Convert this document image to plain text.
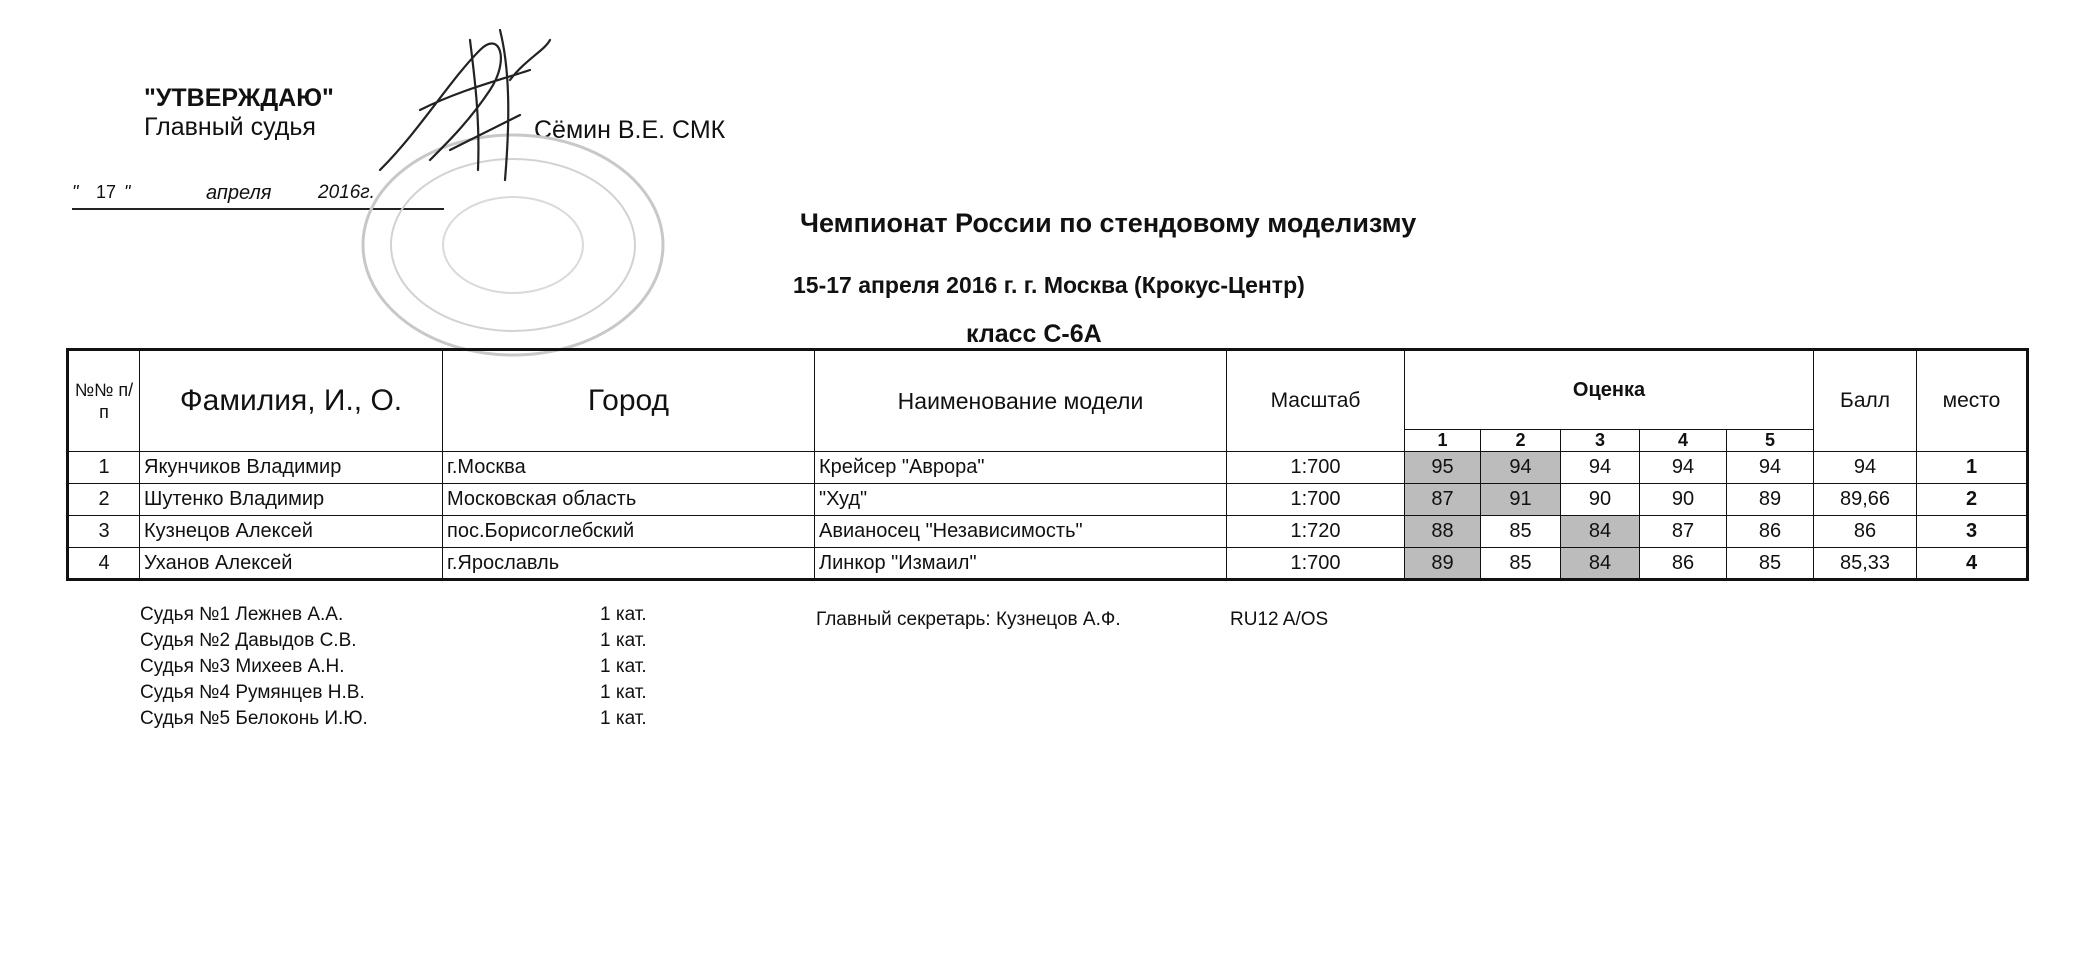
"УТВЕРЖДАЮ"
Главный судья	Сёмин В.Е. СМК
" 17 "	апреля 2016г.
Чемпионат России по стендовому моделизму
15-17 апреля 2016 г. г. Москва (Крокус-Центр)
класс С-6А
№№ п/п	Фамилия, И., О.	Город	Наименование модели	Масштаб	Оценка					Балл	место
					1	2	3	4	5		
1	Якунчиков Владимир	г.Москва	Крейсер "Аврора"	1:700	95	94	94	94	94	94	1
2	Шутенко Владимир	Московская область	"Худ"	1:700	87	91	90	90	89	89,66	2
3	Кузнецов Алексей	пос.Борисоглебский	Авианосец "Независимость"	1:720	88	85	84	87	86	86	3
4	Уханов Алексей	г.Ярославль	Линкор "Измаил"	1:700	89	85	84	86	85	85,33	4
Судья №1 Лежнев А.А.	1 кат.
Судья №2 Давыдов С.В.	1 кат.
Судья №3 Михеев А.Н.	1 кат.
Судья №4 Румянцев Н.В.	1 кат.
Судья №5 Белоконь И.Ю.	1 кат.
Главный секретарь: Кузнецов А.Ф.	RU12 A/OS
